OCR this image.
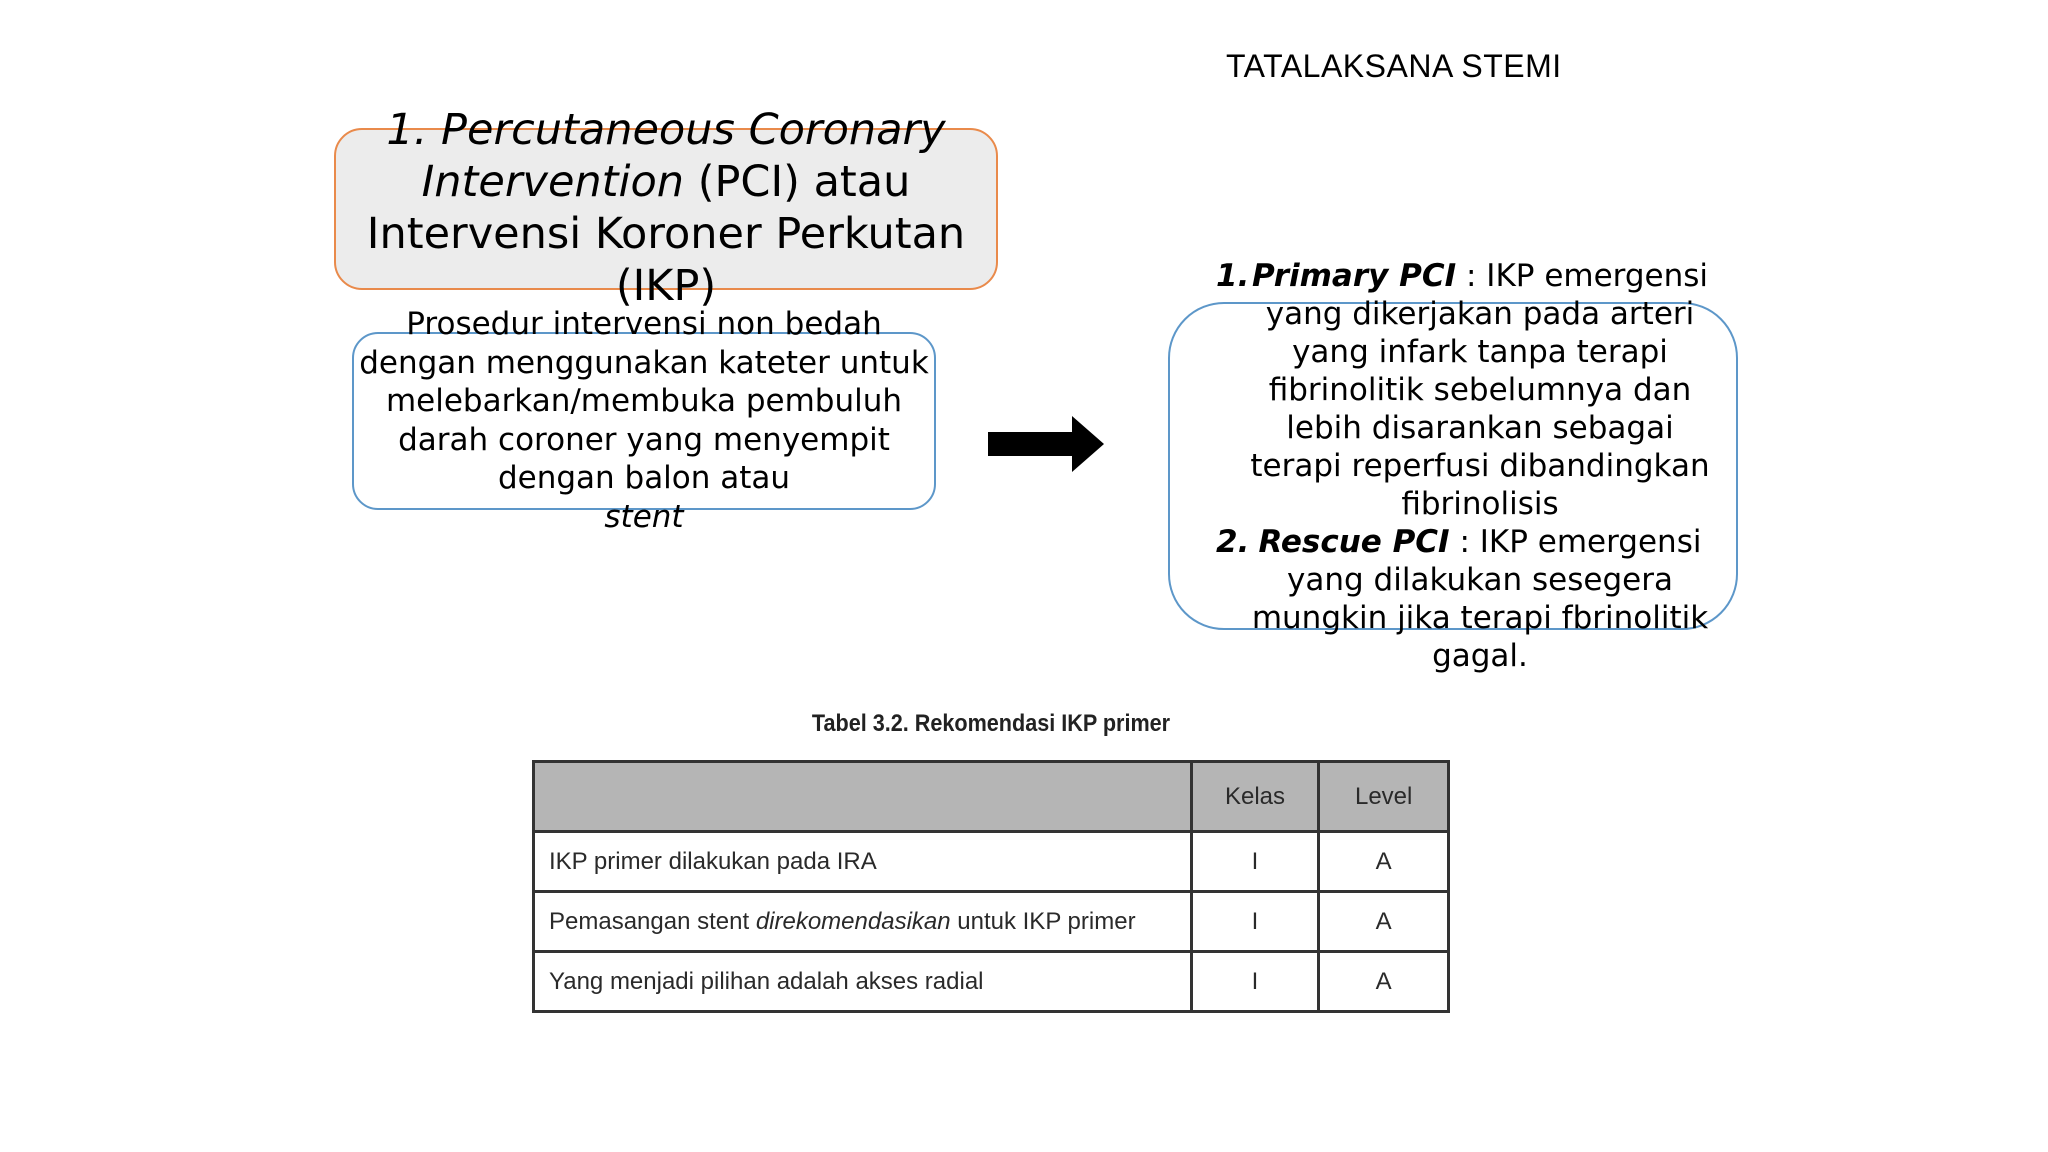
TATALAKSANA STEMI
1. Percutaneous Coronary Intervention (PCI) atau
Intervensi Koroner Perkutan (IKP)
Prosedur intervensi non bedah dengan menggunakan kateter untuk melebarkan/membuka pembuluh darah coroner yang menyempit dengan balon atau
stent
1. Primary PCI : IKP emergensi yang dikerjakan pada arteri yang infark tanpa terapi fibrinolitik sebelumnya dan lebih disarankan sebagai terapi reperfusi dibandingkan fibrinolisis
2. Rescue PCI : IKP emergensi yang dilakukan sesegera mungkin jika terapi fbrinolitik gagal.
Tabel 3.2. Rekomendasi IKP primer
	Kelas	Level
IKP primer dilakukan pada IRA	I	A
Pemasangan stent direkomendasikan untuk IKP primer	I	A
Yang menjadi pilihan adalah akses radial	I	A
